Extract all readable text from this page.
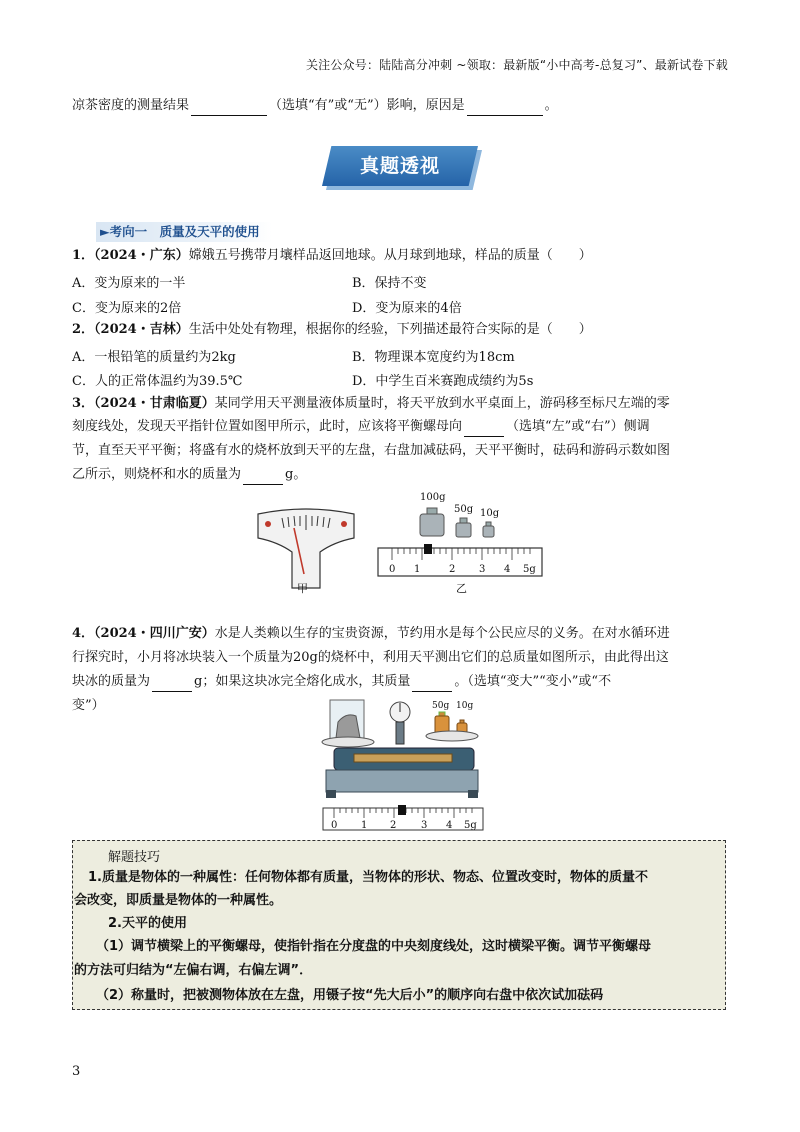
关注公众号：陆陆高分冲刺 ~领取：最新版“小中高考-总复习”、最新试卷下载
凉茶密度的测量结果	（选填“有”或“无”）影响，原因是	。
真题透视
►考向一　质量及天平的使用
1．（2024・广东）嫦娥五号携带月壤样品返回地球。从月球到地球，样品的质量（　　）
A．变为原来的一半	B．保持不变
C．变为原来的2倍	D．变为原来的4倍
2．（2024・吉林）生活中处处有物理，根据你的经验，下列描述最符合实际的是（　　）
A．一根铅笔的质量约为2kg	B．物理课本宽度约为18cm
C．人的正常体温约为39.5℃	D．中学生百米赛跑成绩约为5s
3．（2024・甘肃临夏）某同学用天平测量液体质量时，将天平放到水平桌面上，游码移至标尺左端的零
刻度线处，发现天平指针位置如图甲所示，此时，应该将平衡螺母向	（选填“左”或“右”）侧调
节，直至天平平衡；将盛有水的烧杯放到天平的左盘，右盘加减砝码，天平平衡时，砝码和游码示数如图
乙所示，则烧杯和水的质量为	g。
甲
100g
50g 10g
0 1	2 3 4 5g
乙
4．（2024・四川广安）水是人类赖以生存的宝贵资源，节约用水是每个公民应尽的义务。在对水循环进
行探究时，小月将冰块装入一个质量为20g的烧杯中，利用天平测出它们的总质量如图所示，由此得出这
块冰的质量为	g；如果这块冰完全熔化成水，其质量	。（选填“变大”“变小”或“不
变”）	50g 10g
0 1 2 3 4 5g
解题技巧
1.质量是物体的一种属性：任何物体都有质量，当物体的形状、物态、位置改变时，物体的质量不
会改变，即质量是物体的一种属性。
2.天平的使用
（1）调节横梁上的平衡螺母，使指针指在分度盘的中央刻度线处，这时横梁平衡。调节平衡螺母
的方法可归结为“左偏右调，右偏左调”．
（2）称量时，把被测物体放在左盘，用镊子按“先大后小”的顺序向右盘中依次试加砝码
3
